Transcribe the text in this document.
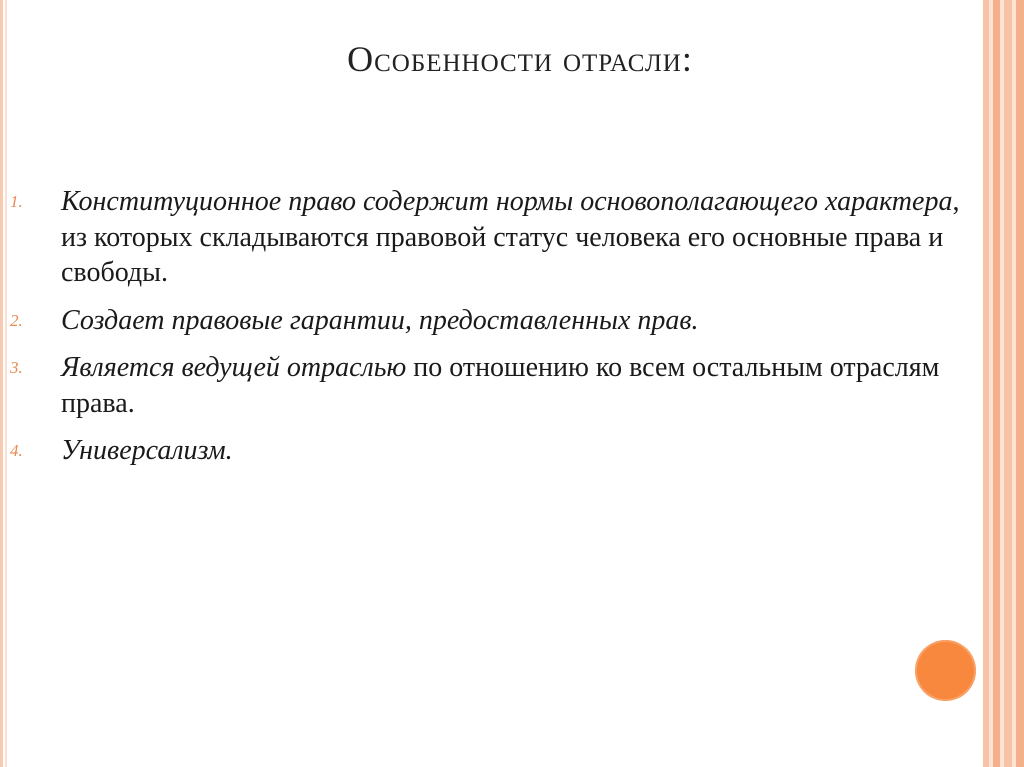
Особенности отрасли:
1. Конституционное право содержит нормы основополагающего характера, из которых складываются правовой статус человека его основные права и свободы.
2. Создает правовые гарантии, предоставленных прав.
3. Является ведущей отраслью по отношению ко всем остальным отраслям права.
4. Универсализм.
